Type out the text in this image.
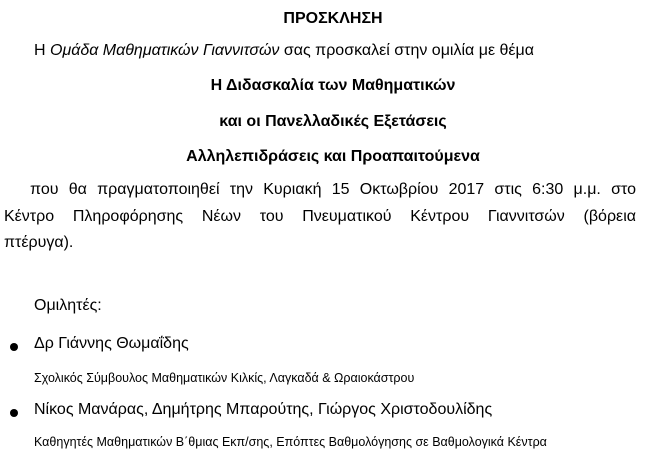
ΠΡΟΣΚΛΗΣΗ
Η Ομάδα Μαθηματικών Γιαννιτσών σας προσκαλεί στην ομιλία με θέμα
Η Διδασκαλία των Μαθηματικών
και οι Πανελλαδικές Εξετάσεις
Αλληλεπιδράσεις και Προαπαιτούμενα
που θα πραγματοποιηθεί την Κυριακή 15 Οκτωβρίου 2017 στις 6:30 μ.μ. στο
Κέντρο Πληροφόρησης Νέων του Πνευματικού Κέντρου Γιαννιτσών (βόρεια
πτέρυγα).
Ομιλητές:
Δρ Γιάννης Θωμαΐδης
Σχολικός Σύμβουλος Μαθηματικών Κιλκίς, Λαγκαδά & Ωραιοκάστρου
Νίκος Μανάρας, Δημήτρης Μπαρούτης, Γιώργος Χριστοδουλίδης
Καθηγητές Μαθηματικών Β΄θμιας Εκπ/σης, Επόπτες Βαθμολόγησης σε Βαθμολογικά Κέντρα
